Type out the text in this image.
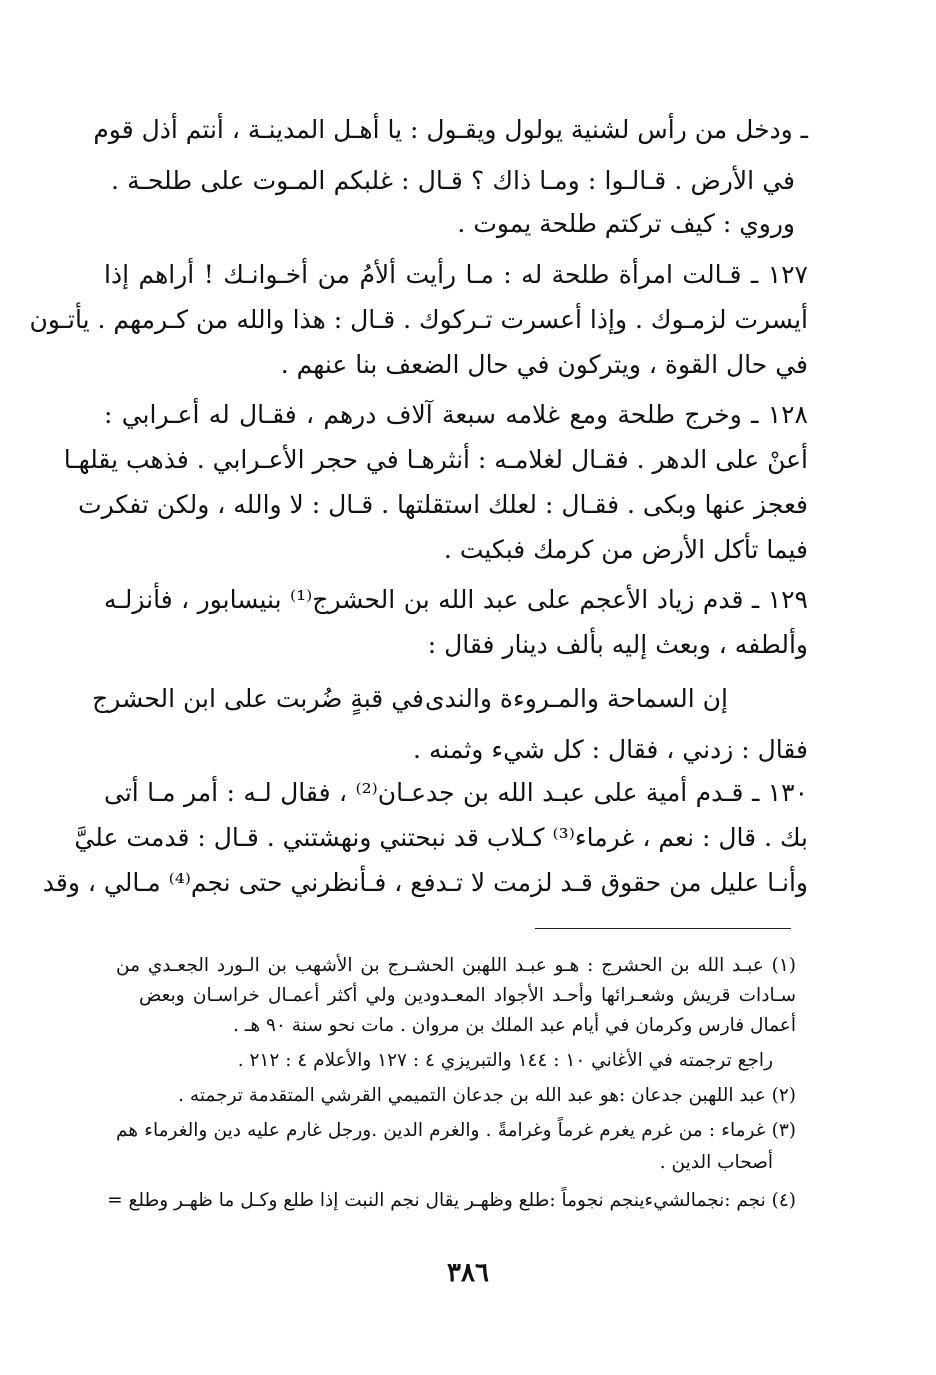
ـ ودخل من رأس لشنية يولول ويقـول : يا أهـل المدينـة ، أنتم أذل قوم
في الأرض . قـالـوا : ومـا ذاك ؟ قـال : غلبكم المـوت على طلحـة .
وروي : كيف تركتم طلحة يموت .
١٢٧ ـ قـالت امرأة طلحة له : مـا رأيت ألأمُ من أخـوانـك ! أراهم إذا
أيسرت لزمـوك . وإذا أعسرت تـركوك . قـال : هذا والله من كـرمهم . يأتـون
في حال القوة ، ويتركون في حال الضعف بنا عنهم .
١٢٨ ـ وخرج طلحة ومع غلامه سبعة آلاف درهم ، فقـال له أعـرابي :
أعنْ على الدهر . فقـال لغلامـه : أنثرهـا في حجر الأعـرابي . فذهب يقلهـا
فعجز عنها وبكى . فقـال : لعلك استقلتها . قـال : لا والله ، ولكن تفكرت
فيما تأكل الأرض من كرمك فبكيت .
١٢٩ ـ قدم زياد الأعجم على عبد الله بن الحشرج⁽¹⁾ بنيسابور ، فأنزلـه
وألطفه ، وبعث إليه بألف دينار فقال :
إن السماحة والمـروءة والندى
في قبةٍ ضُربت على ابن الحشرج
فقال : زدني ، فقال : كل شيء وثمنه .
١٣٠ ـ قـدم أمية على عبـد الله بن جدعـان⁽²⁾ ، فقال لـه : أمر مـا أتى
بك . قال : نعم ، غرماء⁽³⁾ كـلاب قد نبحتني ونهشتني . قـال : قدمت عليَّ
وأنـا عليل من حقوق قـد لزمت لا تـدفع ، فـأنظرني حتى نجم⁽⁴⁾ مـالي ، وقد
(١) عبـد الله بن الحشرج : هـو عبـد اللهبن الحشـرج بن الأشهب بن الـورد الجعـدي من
سـادات قريش وشعـرائها وأحـد الأجواد المعـدودين ولي أكثر أعمـال خراسـان وبعض
أعمال فارس وكرمان في أيام عبد الملك بن مروان . مات نحو سنة ٩٠ هـ .
راجع ترجمته في الأغاني ١٠ : ١٤٤ والتبريزي ٤ : ١٢٧ والأعلام ٤ : ٢١٢ .
(٢) عبد اللهبن جدعان :هو عبد الله بن جدعان التميمي القرشي المتقدمة ترجمته .
(٣) غرماء : من غرم يغرم غرماً وغرامةً . والغرم الدين .ورجل غارم عليه دين والغرماء هم
أصحاب الدين .
(٤) نجم :نجمالشيءينجم نجوماً :طلع وظهـر يقال نجم النبت إذا طلع وكـل ما ظهـر وطلع =
٣٨٦
